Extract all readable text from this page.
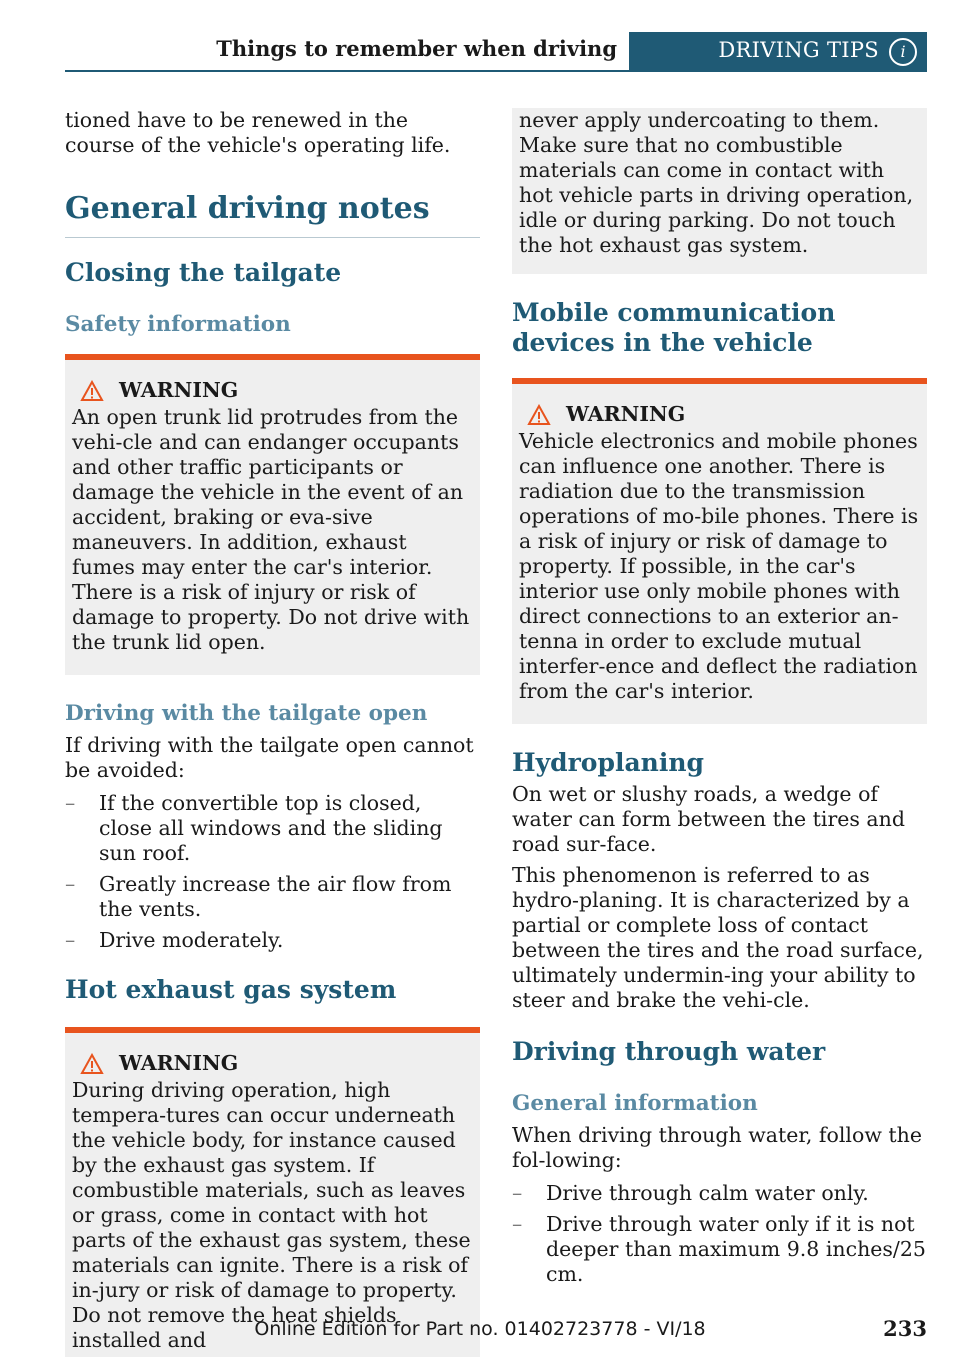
Things to remember when driving	DRIVING TIPS	i

tioned have to be renewed in the course of the vehicle's operating life.

General driving notes
Closing the tailgate
Safety information
WARNING

An open trunk lid protrudes from the vehi-cle and can endanger occupants and other traffic participants or damage the vehicle in the event of an accident, braking or eva-sive maneuvers. In addition, exhaust fumes may enter the car's interior. There is a risk of injury or risk of damage to property. Do not drive with the trunk lid open.

Driving with the tailgate open

If driving with the tailgate open cannot be avoided:

– If the convertible top is closed, close all windows and the sliding sun roof.
– Greatly increase the air flow from the vents.
– Drive moderately.
Hot exhaust gas system
WARNING

During driving operation, high tempera-tures can occur underneath the vehicle body, for instance caused by the exhaust gas system. If combustible materials, such as leaves or grass, come in contact with hot parts of the exhaust gas system, these materials can ignite. There is a risk of in-jury or risk of damage to property. Do not remove the heat shields installed and

never apply undercoating to them. Make sure that no combustible materials can come in contact with hot vehicle parts in driving operation, idle or during parking. Do not touch the hot exhaust gas system.

Mobile communication devices in the vehicle
WARNING

Vehicle electronics and mobile phones can influence one another. There is radiation due to the transmission operations of mo-bile phones. There is a risk of injury or risk of damage to property. If possible, in the car's interior use only mobile phones with direct connections to an exterior an-tenna in order to exclude mutual interfer-ence and deflect the radiation from the car's interior.

Hydroplaning

On wet or slushy roads, a wedge of water can form between the tires and road sur-face.

This phenomenon is referred to as hydro-planing. It is characterized by a partial or complete loss of contact between the tires and the road surface, ultimately undermin-ing your ability to steer and brake the vehi-cle.

Driving through water
General information

When driving through water, follow the fol-lowing:

– Drive through calm water only.
– Drive through water only if it is not deeper than maximum 9.8 inches/25 cm.
233
Online Edition for Part no. 01402723778 - VI/18
